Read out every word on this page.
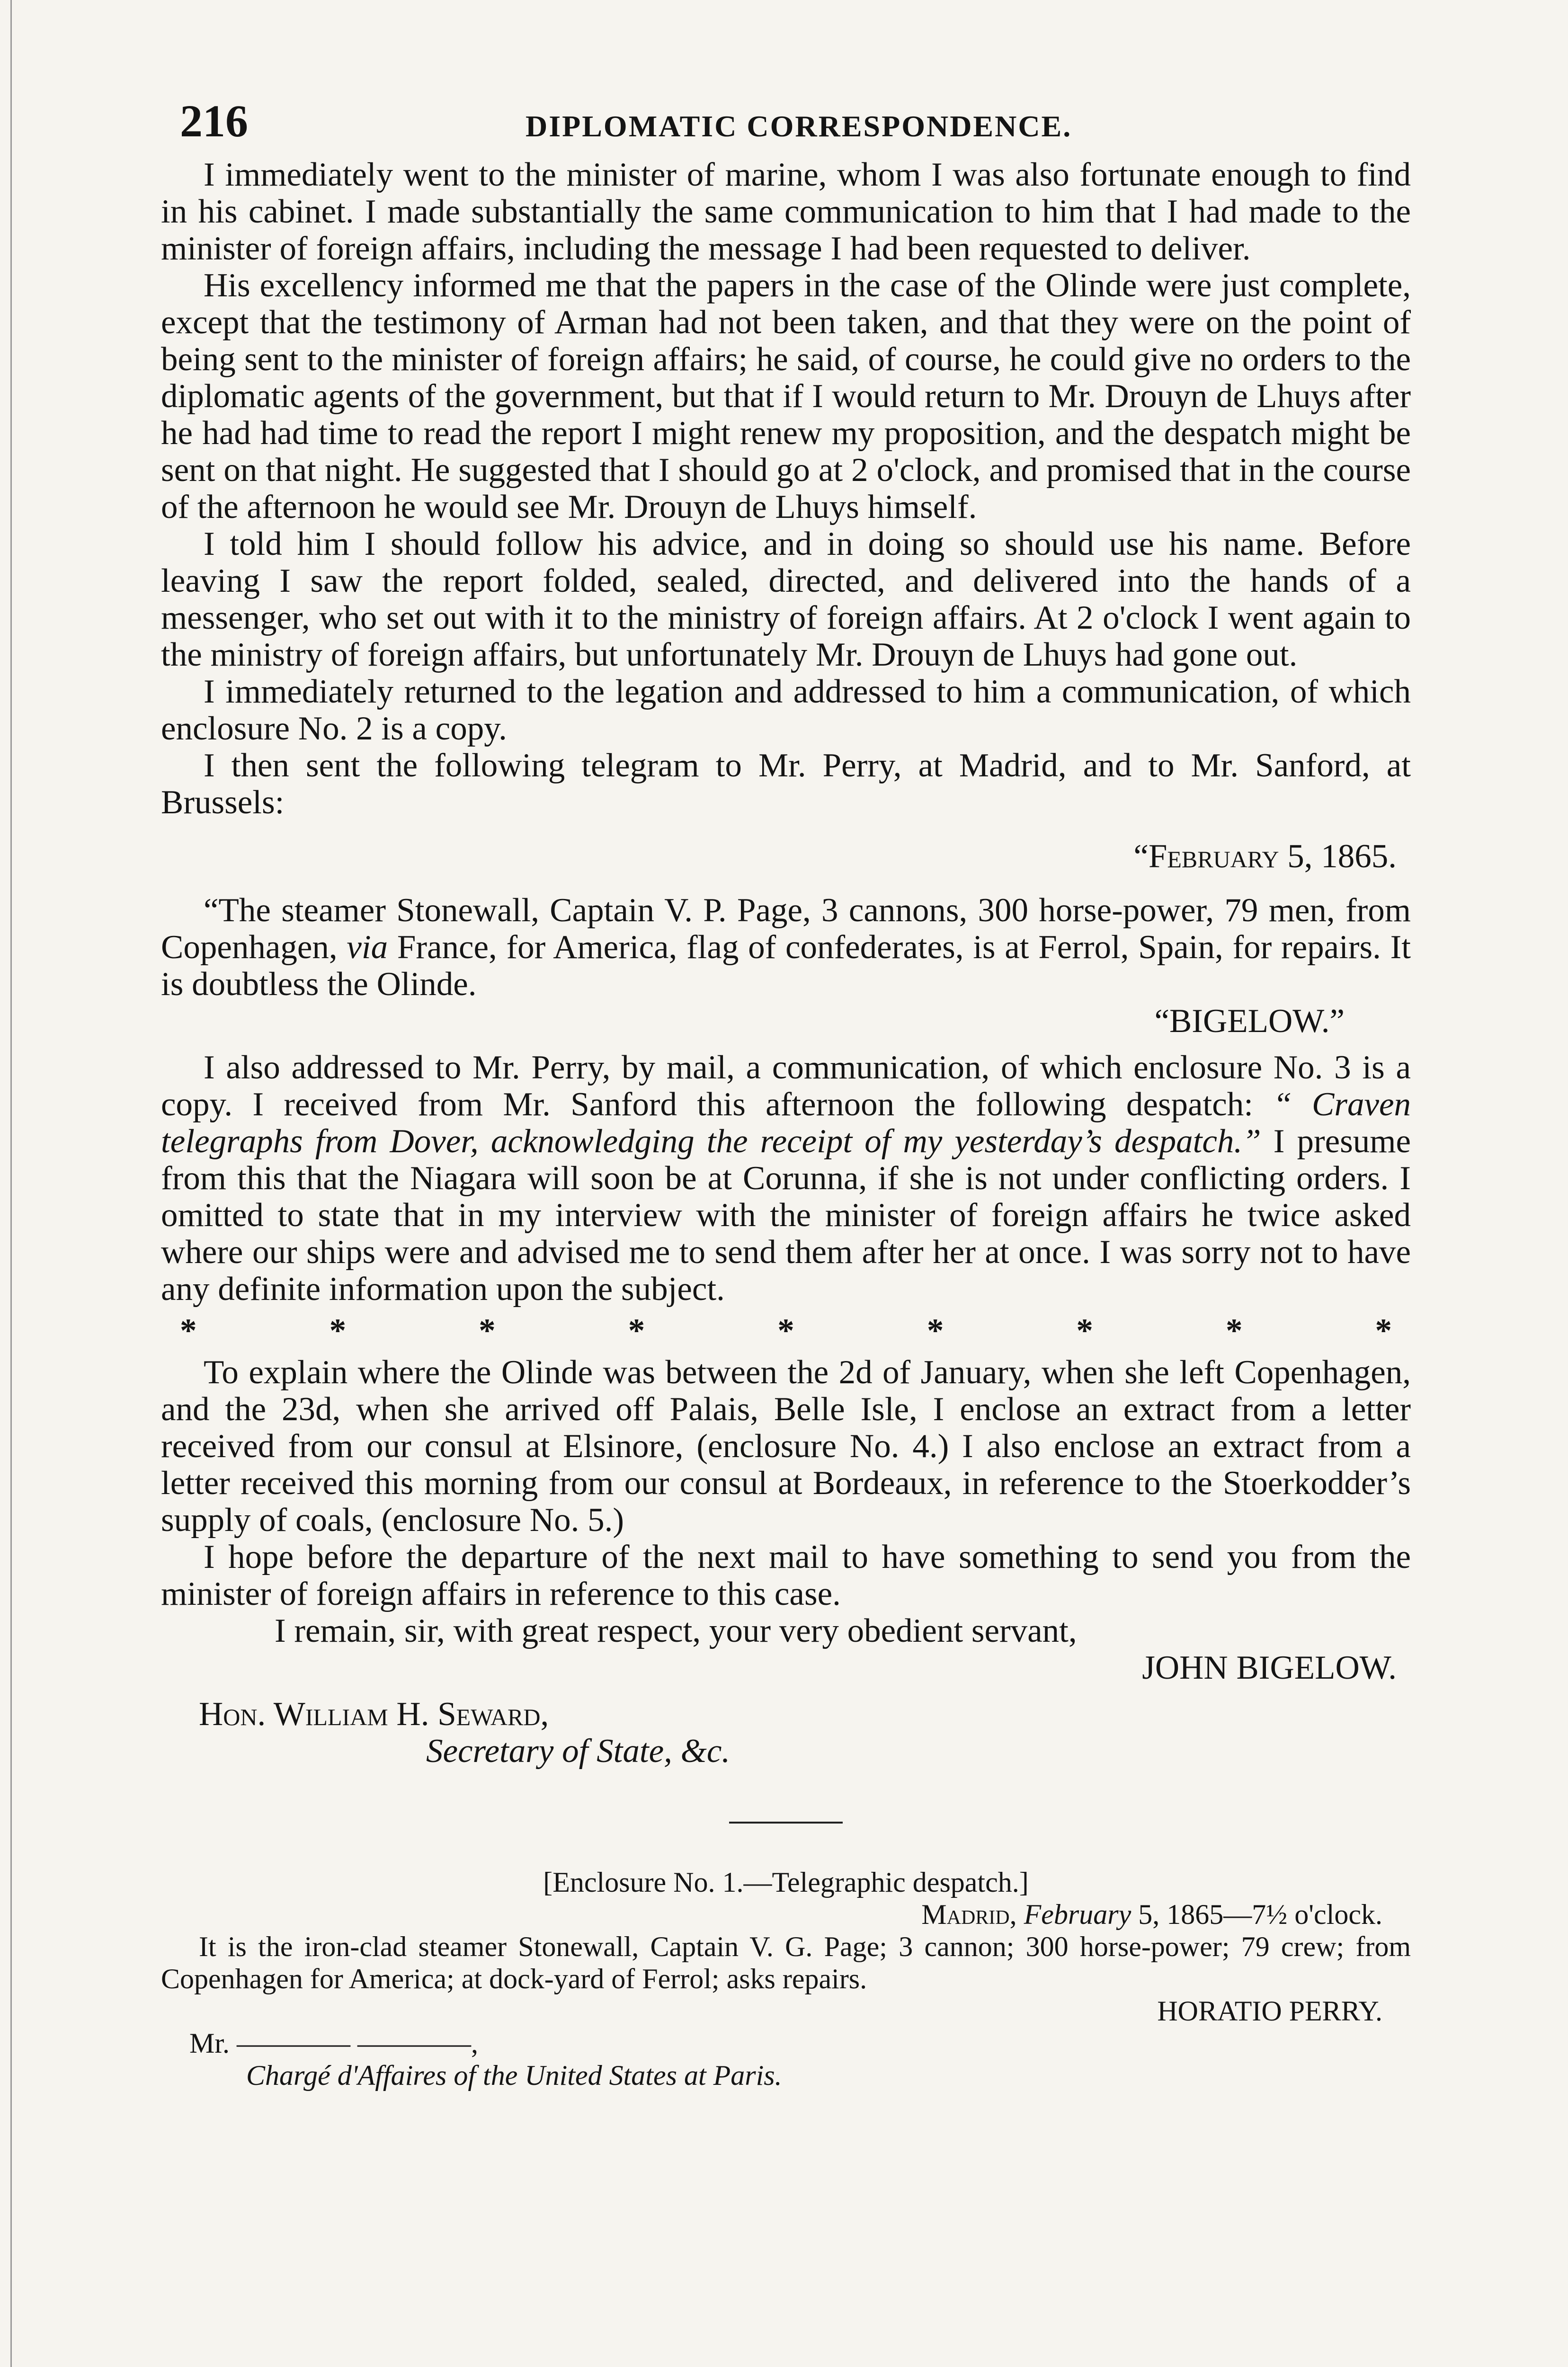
216	DIPLOMATIC CORRESPONDENCE.

I immediately went to the minister of marine, whom I was also fortunate enough to find in his cabinet. I made substantially the same communication to him that I had made to the minister of foreign affairs, including the message I had been requested to deliver.

His excellency informed me that the papers in the case of the Olinde were just complete, except that the testimony of Arman had not been taken, and that they were on the point of being sent to the minister of foreign affairs; he said, of course, he could give no orders to the diplomatic agents of the government, but that if I would return to Mr. Drouyn de Lhuys after he had had time to read the report I might renew my proposition, and the despatch might be sent on that night. He suggested that I should go at 2 o'clock, and promised that in the course of the afternoon he would see Mr. Drouyn de Lhuys himself.

I told him I should follow his advice, and in doing so should use his name. Before leaving I saw the report folded, sealed, directed, and delivered into the hands of a messenger, who set out with it to the ministry of foreign affairs. At 2 o'clock I went again to the ministry of foreign affairs, but unfortunately Mr. Drouyn de Lhuys had gone out.

I immediately returned to the legation and addressed to him a communication, of which enclosure No. 2 is a copy.

I then sent the following telegram to Mr. Perry, at Madrid, and to Mr. Sanford, at Brussels:

“February 5, 1865.

“The steamer Stonewall, Captain V. P. Page, 3 cannons, 300 horse-power, 79 men, from Copenhagen, via France, for America, flag of confederates, is at Ferrol, Spain, for repairs. It is doubtless the Olinde.

“BIGELOW.”

I also addressed to Mr. Perry, by mail, a communication, of which enclosure No. 3 is a copy. I received from Mr. Sanford this afternoon the following despatch: “ Craven telegraphs from Dover, acknowledging the receipt of my yesterday’s despatch.” I presume from this that the Niagara will soon be at Corunna, if she is not under conflicting orders. I omitted to state that in my interview with the minister of foreign affairs he twice asked where our ships were and advised me to send them after her at once. I was sorry not to have any definite information upon the subject.

*	*	*	*	*	*	*	*	*

To explain where the Olinde was between the 2d of January, when she left Copenhagen, and the 23d, when she arrived off Palais, Belle Isle, I enclose an extract from a letter received from our consul at Elsinore, (enclosure No. 4.) I also enclose an extract from a letter received this morning from our consul at Bordeaux, in reference to the Stoerkodder’s supply of coals, (enclosure No. 5.)

I hope before the departure of the next mail to have something to send you from the minister of foreign affairs in reference to this case.

I remain, sir, with great respect, your very obedient servant,

JOHN BIGELOW.

Hon. William H. Seward,

Secretary of State, &c.

[Enclosure No. 1.—Telegraphic despatch.]

Madrid, February 5, 1865—7½ o'clock.

It is the iron-clad steamer Stonewall, Captain V. G. Page; 3 cannon; 300 horse-power; 79 crew; from Copenhagen for America; at dock-yard of Ferrol; asks repairs.

HORATIO PERRY.

Mr. ———— ————,

Chargé d'Affaires of the United States at Paris.
